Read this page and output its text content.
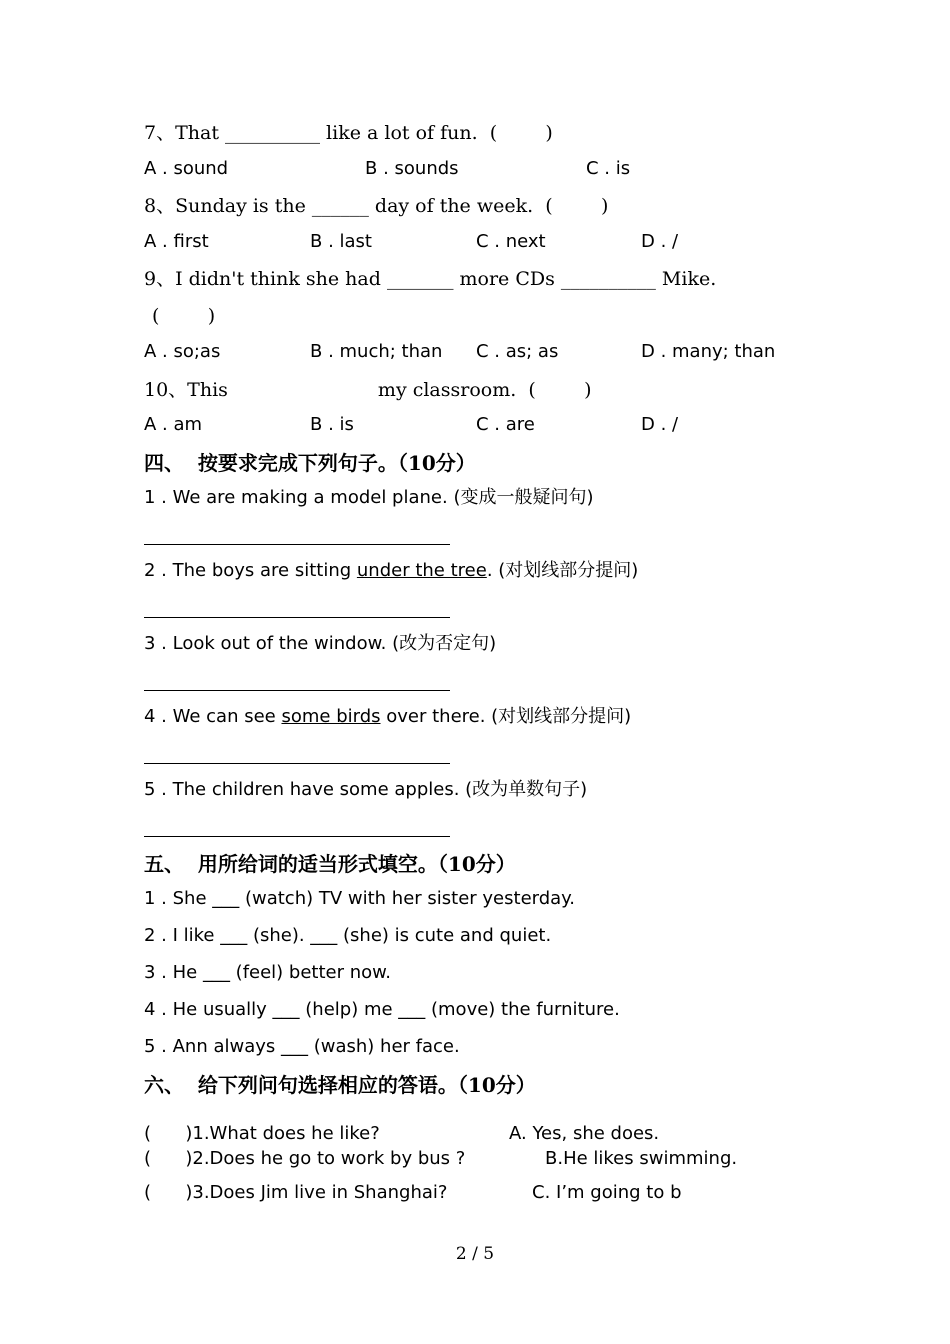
7、That __________ like a lot of fun.  (        )
A . sound	B . sounds	C . is
8、Sunday is the ______ day of the week.  (        )
A . first	B . last	C . next	D . /
9、I didn't think she had _______ more CDs __________ Mike.
(        )
A . so;as	B . much; than C . as; as	D . many; than
10、This	my classroom.  (        )
A . am	B . is	C . are	D . /
四、  按要求完成下列句子。（10分）
1 . We are making a model plane. (变成一般疑问句)
2 . The boys are sitting under the tree. (对划线部分提问)
3 . Look out of the window. (改为否定句)
4 . We can see some birds over there. (对划线部分提问)
5 . The children have some apples. (改为单数句子)
五、  用所给词的适当形式填空。（10分）
1 . She ___ (watch) TV with her sister yesterday.
2 . I like ___ (she). ___ (she) is cute and quiet.
3 . He ___ (feel) better now.
4 . He usually ___ (help) me ___ (move) the furniture.
5 . Ann always ___ (wash) her face.
六、  给下列问句选择相应的答语。（10分）
(      )1.What does he like?	A. Yes, she does.
(      )2.Does he go to work by bus ?	B.He likes swimming.
(      )3.Does Jim live in Shanghai?	C. I’m going to b
2 / 5
